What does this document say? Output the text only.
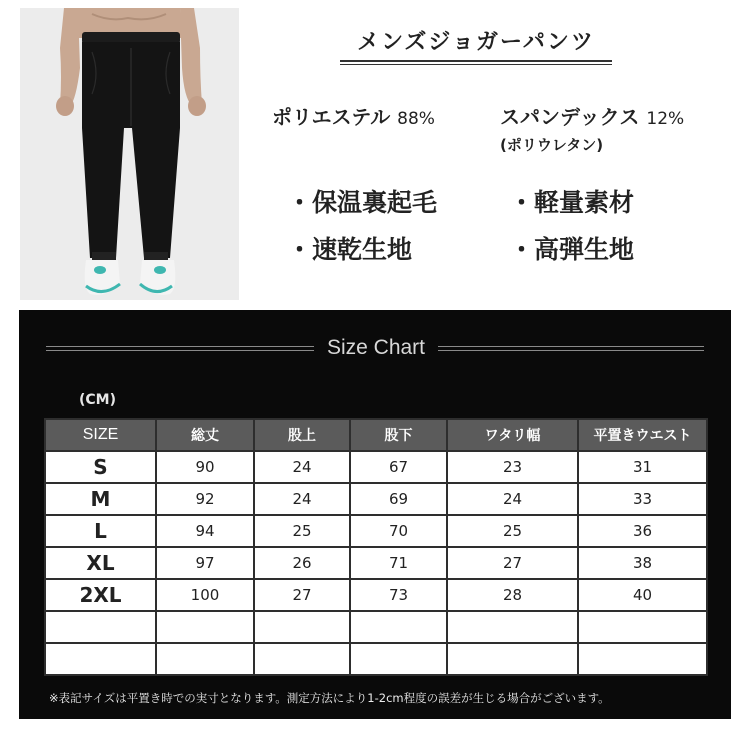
メンズジョガーパンツ
ポリエステル 88%	スパンデックス 12%
(ポリウレタン)
・保温裏起毛	・軽量素材
・速乾生地	・高弾生地
Size Chart
(CM)
SIZE	総丈	股上	股下	ワタリ幅	平置きウエスト
S	90	24	67	23	31
M	92	24	69	24	33
L	94	25	70	25	36
XL	97	26	71	27	38
2XL	100	27	73	28	40

※表記サイズは平置き時での実寸となります。測定方法により1-2cm程度の誤差が生じる場合がございます。
